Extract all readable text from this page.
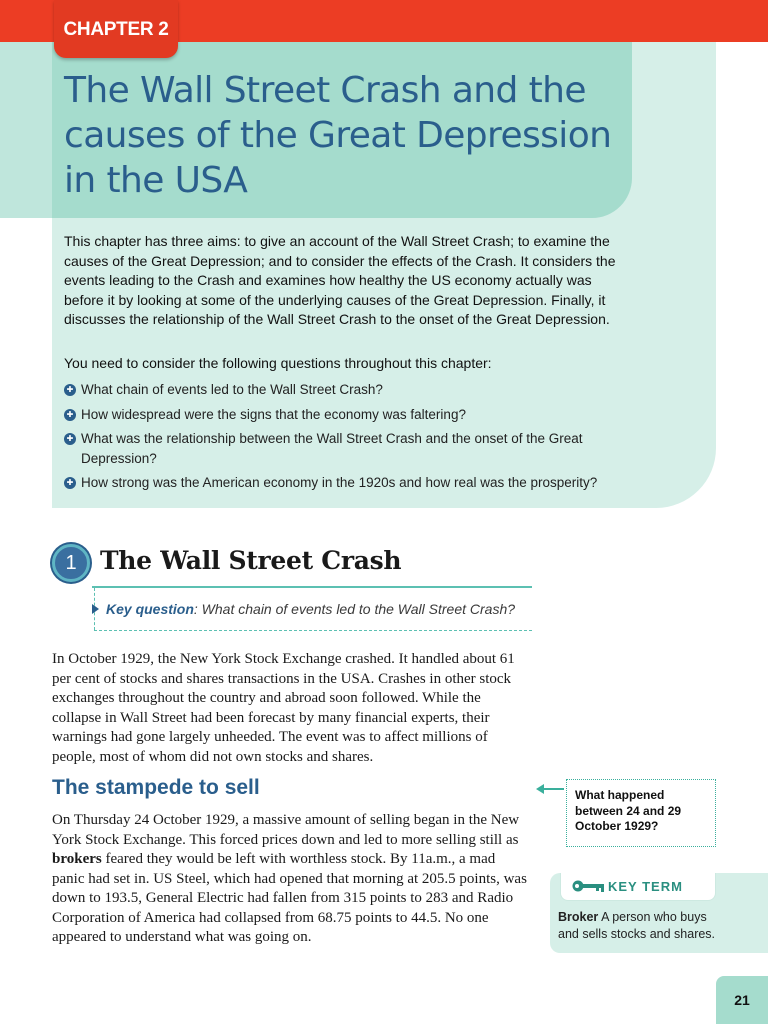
The Wall Street Crash and the
causes of the Great Depression
in the USA
CHAPTER 2

This chapter has three aims: to give an account of the Wall Street Crash; to examine the causes of the Great Depression; and to consider the effects of the Crash. It considers the events leading to the Crash and examines how healthy the US economy actually was before it by looking at some of the underlying causes of the Great Depression. Finally, it discusses the relationship of the Wall Street Crash to the onset of the Great Depression.

You need to consider the following questions throughout this chapter:

✚ What chain of events led to the Wall Street Crash?
✚ How widespread were the signs that the economy was faltering?
✚ What was the relationship between the Wall Street Crash and the onset of the Great Depression?
✚ How strong was the American economy in the 1920s and how real was the prosperity?
1 The Wall Street Crash

Key question: What chain of events led to the Wall Street Crash?

In October 1929, the New York Stock Exchange crashed. It handled about 61 per cent of stocks and shares transactions in the USA. Crashes in other stock exchanges throughout the country and abroad soon followed. While the collapse in Wall Street had been forecast by many financial experts, their warnings had gone largely unheeded. The event was to affect millions of people, most of whom did not own stocks and shares.

The stampede to sell

On Thursday 24 October 1929, a massive amount of selling began in the New York Stock Exchange. This forced prices down and led to more selling still as brokers feared they would be left with worthless stock. By 11a.m., a mad panic had set in. US Steel, which had opened that morning at 205.5 points, was down to 193.5, General Electric had fallen from 315 points to 283 and Radio Corporation of America had collapsed from 68.75 points to 44.5. No one appeared to understand what was going on.

What happened between 24 and 29 October 1929?
KEY TERM

Broker A person who buys and sells stocks and shares.

21
